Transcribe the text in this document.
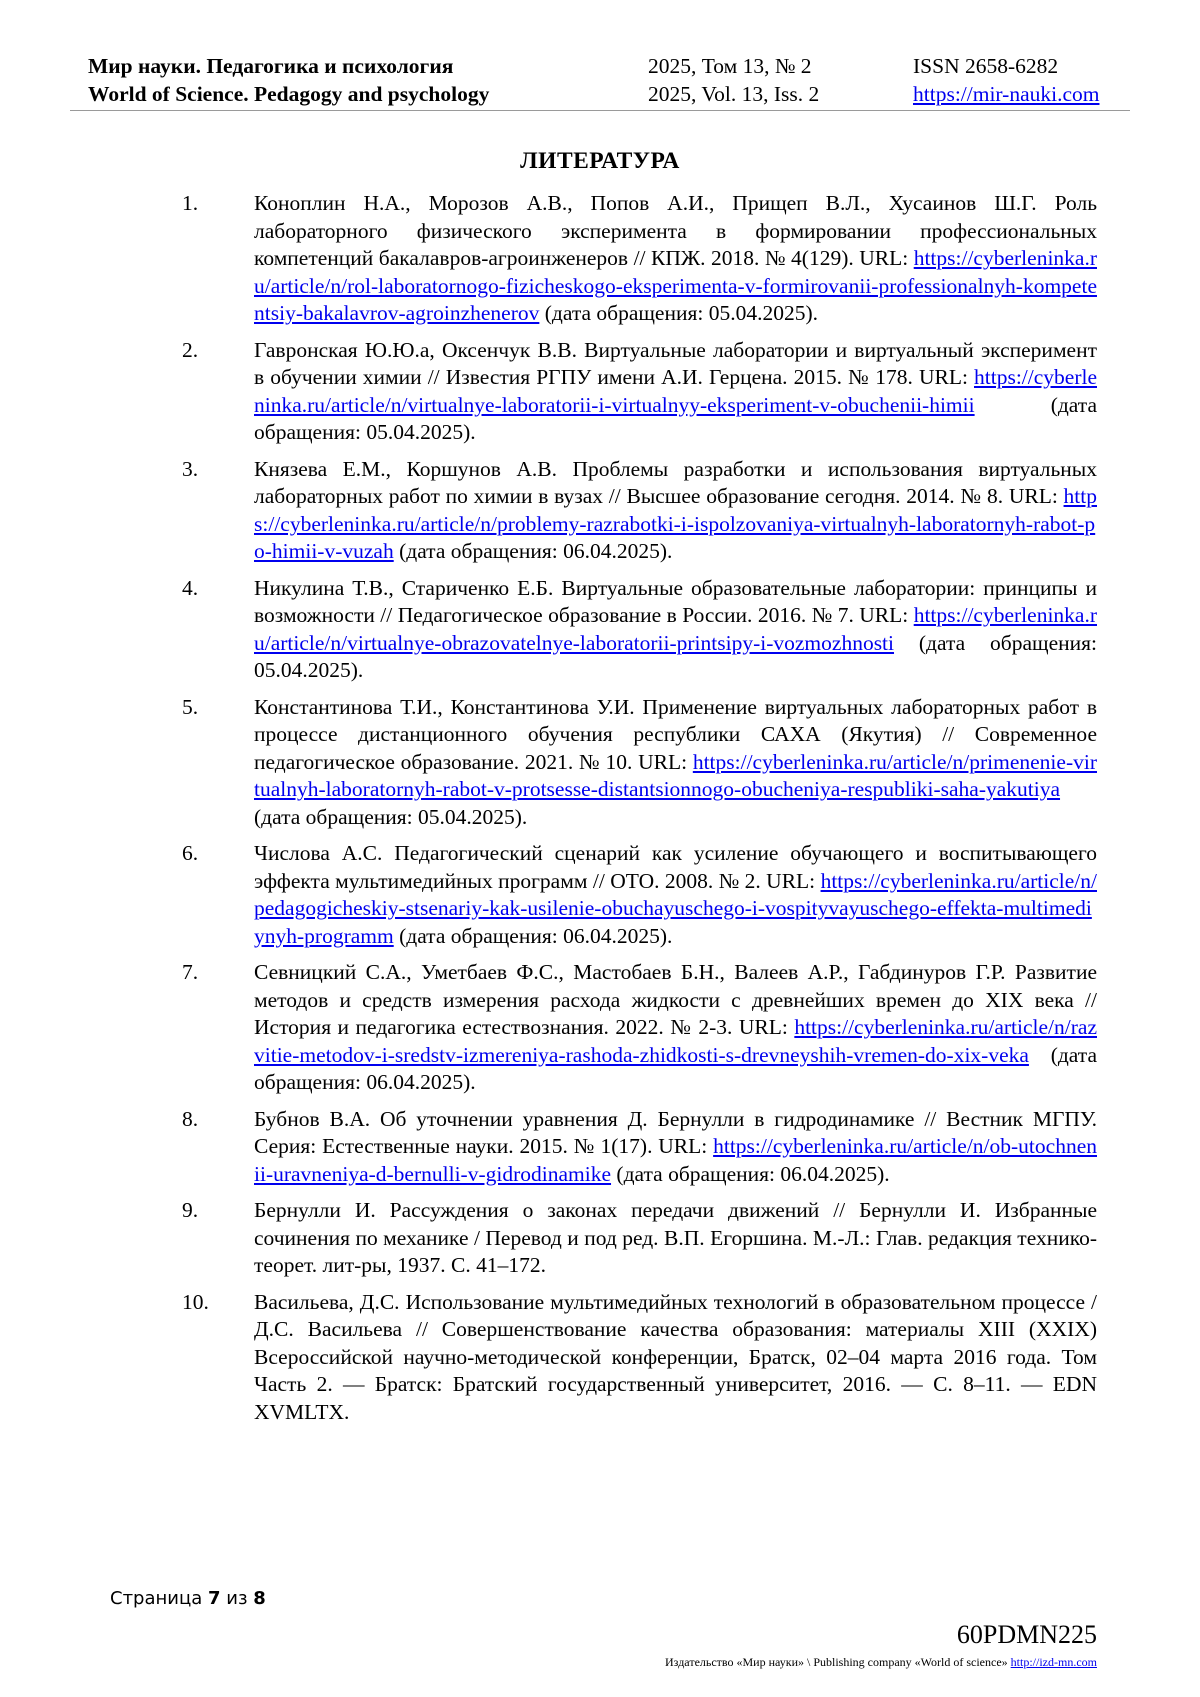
Мир науки. Педагогика и психология	2025, Том 13, № 2	ISSN 2658-6282
World of Science. Pedagogy and psychology	2025, Vol. 13, Iss. 2	https://mir-nauki.com
ЛИТЕРАТУРА
1.	Коноплин Н.А., Морозов А.В., Попов А.И., Прищеп В.Л., Хусаинов Ш.Г. Роль лабораторного физического эксперимента в формировании профессиональных компетенций бакалавров-агроинженеров // КПЖ. 2018. № 4(129). URL: https://cyberleninka.ru/article/n/rol-laboratornogo-fizicheskogo-eksperimenta-v-formirovanii-professionalnyh-kompetentsiy-bakalavrov-agroinzhenerov (дата обращения: 05.04.2025).
2.	Гавронская Ю.Ю.а, Оксенчук В.В. Виртуальные лаборатории и виртуальный эксперимент в обучении химии // Известия РГПУ имени А.И. Герцена. 2015. № 178. URL: https://cyberleninka.ru/article/n/virtualnye-laboratorii-i-virtualnyy-eksperiment-v-obuchenii-himii (дата обращения: 05.04.2025).
3.	Князева Е.М., Коршунов А.В. Проблемы разработки и использования виртуальных лабораторных работ по химии в вузах // Высшее образование сегодня. 2014. № 8. URL: https://cyberleninka.ru/article/n/problemy-razrabotki-i-ispolzovaniya-virtualnyh-laboratornyh-rabot-po-himii-v-vuzah (дата обращения: 06.04.2025).
4.	Никулина Т.В., Стариченко Е.Б. Виртуальные образовательные лаборатории: принципы и возможности // Педагогическое образование в России. 2016. № 7. URL: https://cyberleninka.ru/article/n/virtualnye-obrazovatelnye-laboratorii-printsipy-i-vozmozhnosti (дата обращения: 05.04.2025).
5.	Константинова Т.И., Константинова У.И. Применение виртуальных лабораторных работ в процессе дистанционного обучения республики САХА (Якутия) // Современное педагогическое образование. 2021. № 10. URL: https://cyberleninka.ru/article/n/primenenie-virtualnyh-laboratornyh-rabot-v-protsesse-distantsionnogo-obucheniya-respubliki-saha-yakutiya (дата обращения: 05.04.2025).
6.	Числова А.С. Педагогический сценарий как усиление обучающего и воспитывающего эффекта мультимедийных программ // ОТО. 2008. № 2. URL: https://cyberleninka.ru/article/n/pedagogicheskiy-stsenariy-kak-usilenie-obuchayuschego-i-vospityvayuschego-effekta-multimediynyh-programm (дата обращения: 06.04.2025).
7.	Севницкий С.А., Уметбаев Ф.С., Мастобаев Б.Н., Валеев А.Р., Габдинуров Г.Р. Развитие методов и средств измерения расхода жидкости с древнейших времен до XIX века // История и педагогика естествознания. 2022. № 2-3. URL: https://cyberleninka.ru/article/n/razvitie-metodov-i-sredstv-izmereniya-rashoda-zhidkosti-s-drevneyshih-vremen-do-xix-veka (дата обращения: 06.04.2025).
8.	Бубнов В.А. Об уточнении уравнения Д. Бернулли в гидродинамике // Вестник МГПУ. Серия: Естественные науки. 2015. № 1(17). URL: https://cyberleninka.ru/article/n/ob-utochnenii-uravneniya-d-bernulli-v-gidrodinamike (дата обращения: 06.04.2025).
9.	Бернулли И. Рассуждения о законах передачи движений // Бернулли И. Избранные сочинения по механике / Перевод и под ред. В.П. Егоршина. М.-Л.: Глав. редакция технико-теорет. лит-ры, 1937. С. 41–172.
10.	Васильева, Д.С. Использование мультимедийных технологий в образовательном процессе / Д.С. Васильева // Совершенствование качества образования: материалы XIII (XXIX) Всероссийской научно-методической конференции, Братск, 02–04 марта 2016 года. Том Часть 2. — Братск: Братский государственный университет, 2016. — С. 8–11. — EDN XVMLTX.
Страница 7 из 8
60PDMN225
Издательство «Мир науки» \ Publishing company «World of science» http://izd-mn.com
